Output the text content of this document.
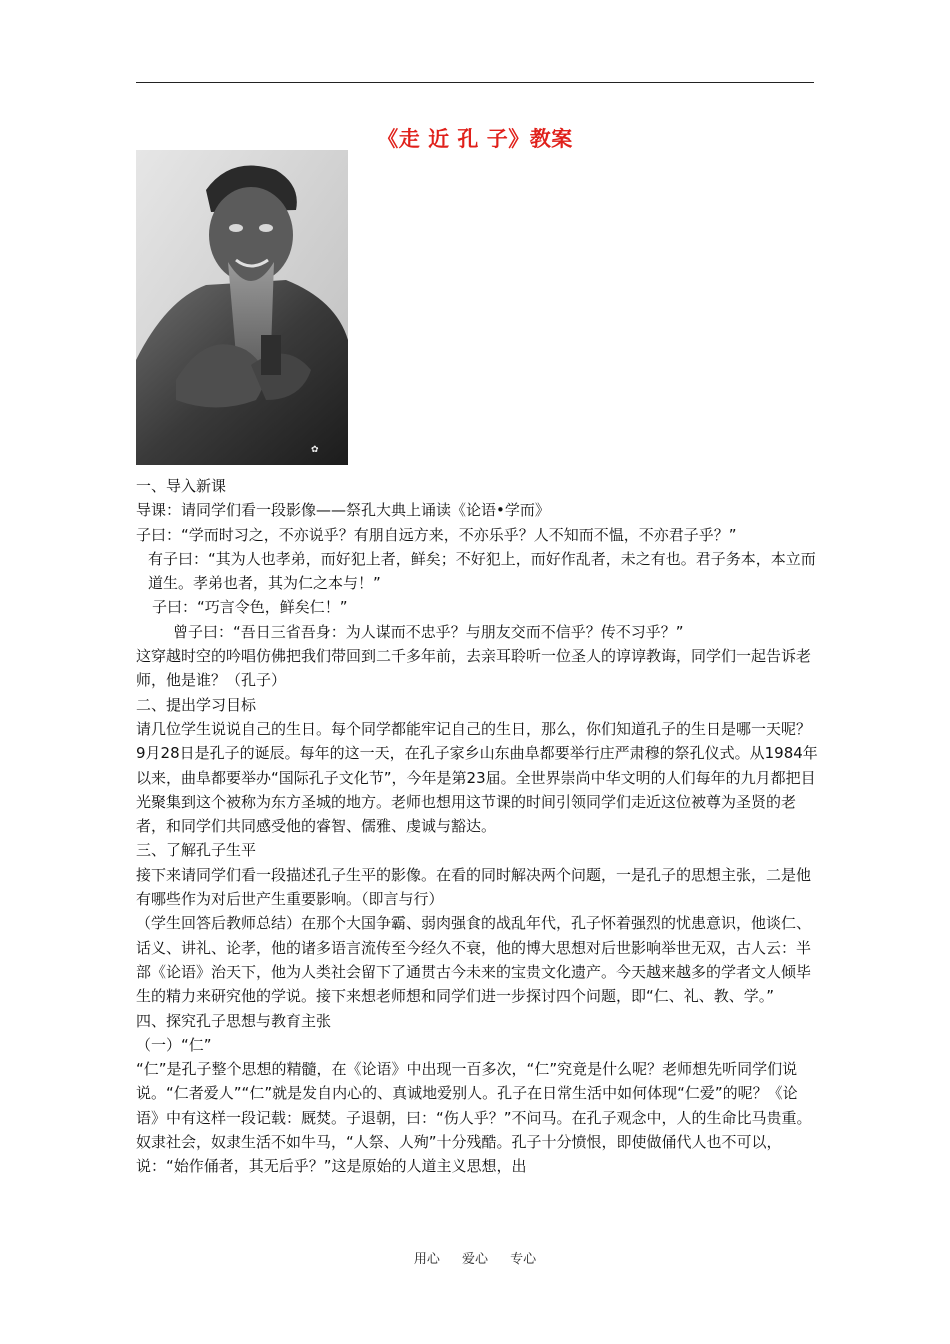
《走 近 孔 子》教案
✿

一、导入新课

导课：请同学们看一段影像——祭孔大典上诵读《论语•学而》

子曰：“学而时习之，不亦说乎？有朋自远方来，不亦乐乎？人不知而不愠，不亦君子乎？”

有子曰：“其为人也孝弟，而好犯上者，鲜矣；不好犯上，而好作乱者，未之有也。君子务本，本立而道生。孝弟也者，其为仁之本与！”

子曰：“巧言令色，鲜矣仁！”

曾子曰：“吾日三省吾身：为人谋而不忠乎？与朋友交而不信乎？传不习乎？”

这穿越时空的吟唱仿佛把我们带回到二千多年前，去亲耳聆听一位圣人的谆谆教诲，同学们一起告诉老师，他是谁？（孔子）

二、提出学习目标

请几位学生说说自己的生日。每个同学都能牢记自己的生日，那么，你们知道孔子的生日是哪一天呢？9月28日是孔子的诞辰。每年的这一天，在孔子家乡山东曲阜都要举行庄严肃穆的祭孔仪式。从1984年以来，曲阜都要举办“国际孔子文化节”，今年是第23届。全世界崇尚中华文明的人们每年的九月都把目光聚集到这个被称为东方圣城的地方。老师也想用这节课的时间引领同学们走近这位被尊为圣贤的老者，和同学们共同感受他的睿智、儒雅、虔诚与豁达。

三、了解孔子生平

接下来请同学们看一段描述孔子生平的影像。在看的同时解决两个问题，一是孔子的思想主张，二是他有哪些作为对后世产生重要影响。（即言与行）

（学生回答后教师总结）在那个大国争霸、弱肉强食的战乱年代，孔子怀着强烈的忧患意识，他谈仁、话义、讲礼、论孝，他的诸多语言流传至今经久不衰，他的博大思想对后世影响举世无双，古人云：半部《论语》治天下，他为人类社会留下了通贯古今未来的宝贵文化遗产。今天越来越多的学者文人倾毕生的精力来研究他的学说。接下来想老师想和同学们进一步探讨四个问题，即“仁、礼、教、学。”

四、探究孔子思想与教育主张

（一）“仁”

“仁”是孔子整个思想的精髓，在《论语》中出现一百多次，“仁”究竟是什么呢？老师想先听同学们说说。“仁者爱人”“仁”就是发自内心的、真诚地爱别人。孔子在日常生活中如何体现“仁爱”的呢？《论语》中有这样一段记载：厩焚。子退朝，曰：“伤人乎？”不问马。在孔子观念中，人的生命比马贵重。奴隶社会，奴隶生活不如牛马，“人祭、人殉”十分残酷。孔子十分愤恨，即使做俑代人也不可以，说：“始作俑者，其无后乎？”这是原始的人道主义思想，出

用心 爱心 专心
